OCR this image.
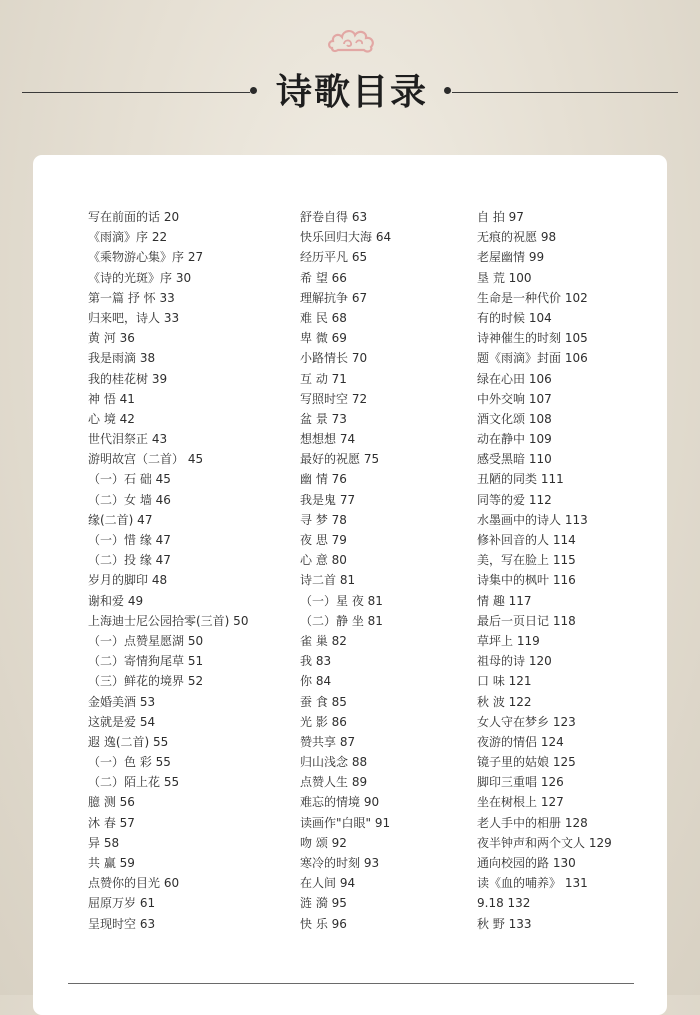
诗歌目录
写在前面的话 20
《雨滴》序 22
《乘物游心集》序 27
《诗的光斑》序 30
第一篇 抒 怀 33
归来吧，诗人 33
黄 河 36
我是雨滴 38
我的桂花树 39
神 悟 41
心 境 42
世代泪祭正 43
游明故宫（二首） 45
（一）石 础 45
（二）女 墙 46
缘(二首) 47
（一）惜 缘 47
（二）投 缘 47
岁月的脚印 48
谢和爱 49
上海迪士尼公园拾零(三首) 50
（一）点赞星愿湖 50
（二）寄情狗尾草 51
（三）鲜花的境界 52
金婚美酒 53
这就是爱 54
遐 逸(二首) 55
（一）色 彩 55
（二）陌上花 55
臆 测 56
沐 春 57
异 58
共 赢 59
点赞你的目光 60
屈原万岁 61
呈现时空 63
舒卷自得 63
快乐回归大海 64
经历平凡 65
希 望 66
理解抗争 67
难 民 68
卑 微 69
小路情长 70
互 动 71
写照时空 72
盆 景 73
想想想 74
最好的祝愿 75
幽 情 76
我是鬼 77
寻 梦 78
夜 思 79
心 意 80
诗二首 81
（一）星 夜 81
（二）静 坐 81
雀 巢 82
我 83
你 84
蚕 食 85
光 影 86
赞共享 87
归山浅念 88
点赞人生 89
难忘的情境 90
读画作"白眼" 91
吻 颂 92
寒冷的时刻 93
在人间 94
涟 漪 95
快 乐 96
自 拍 97
无痕的祝愿 98
老屋幽情 99
垦 荒 100
生命是一种代价 102
有的时候 104
诗神催生的时刻 105
题《雨滴》封面 106
绿在心田 106
中外交响 107
酒文化颂 108
动在静中 109
感受黑暗 110
丑陋的同类 111
同等的爱 112
水墨画中的诗人 113
修补回音的人 114
美，写在脸上 115
诗集中的枫叶 116
情 趣 117
最后一页日记 118
草坪上 119
祖母的诗 120
口 味 121
秋 波 122
女人守在梦乡 123
夜游的情侣 124
镜子里的姑娘 125
脚印三重唱 126
坐在树根上 127
老人手中的相册 128
夜半钟声和两个文人 129
通向校园的路 130
读《血的哺养》 131
9.18 132
秋 野 133
